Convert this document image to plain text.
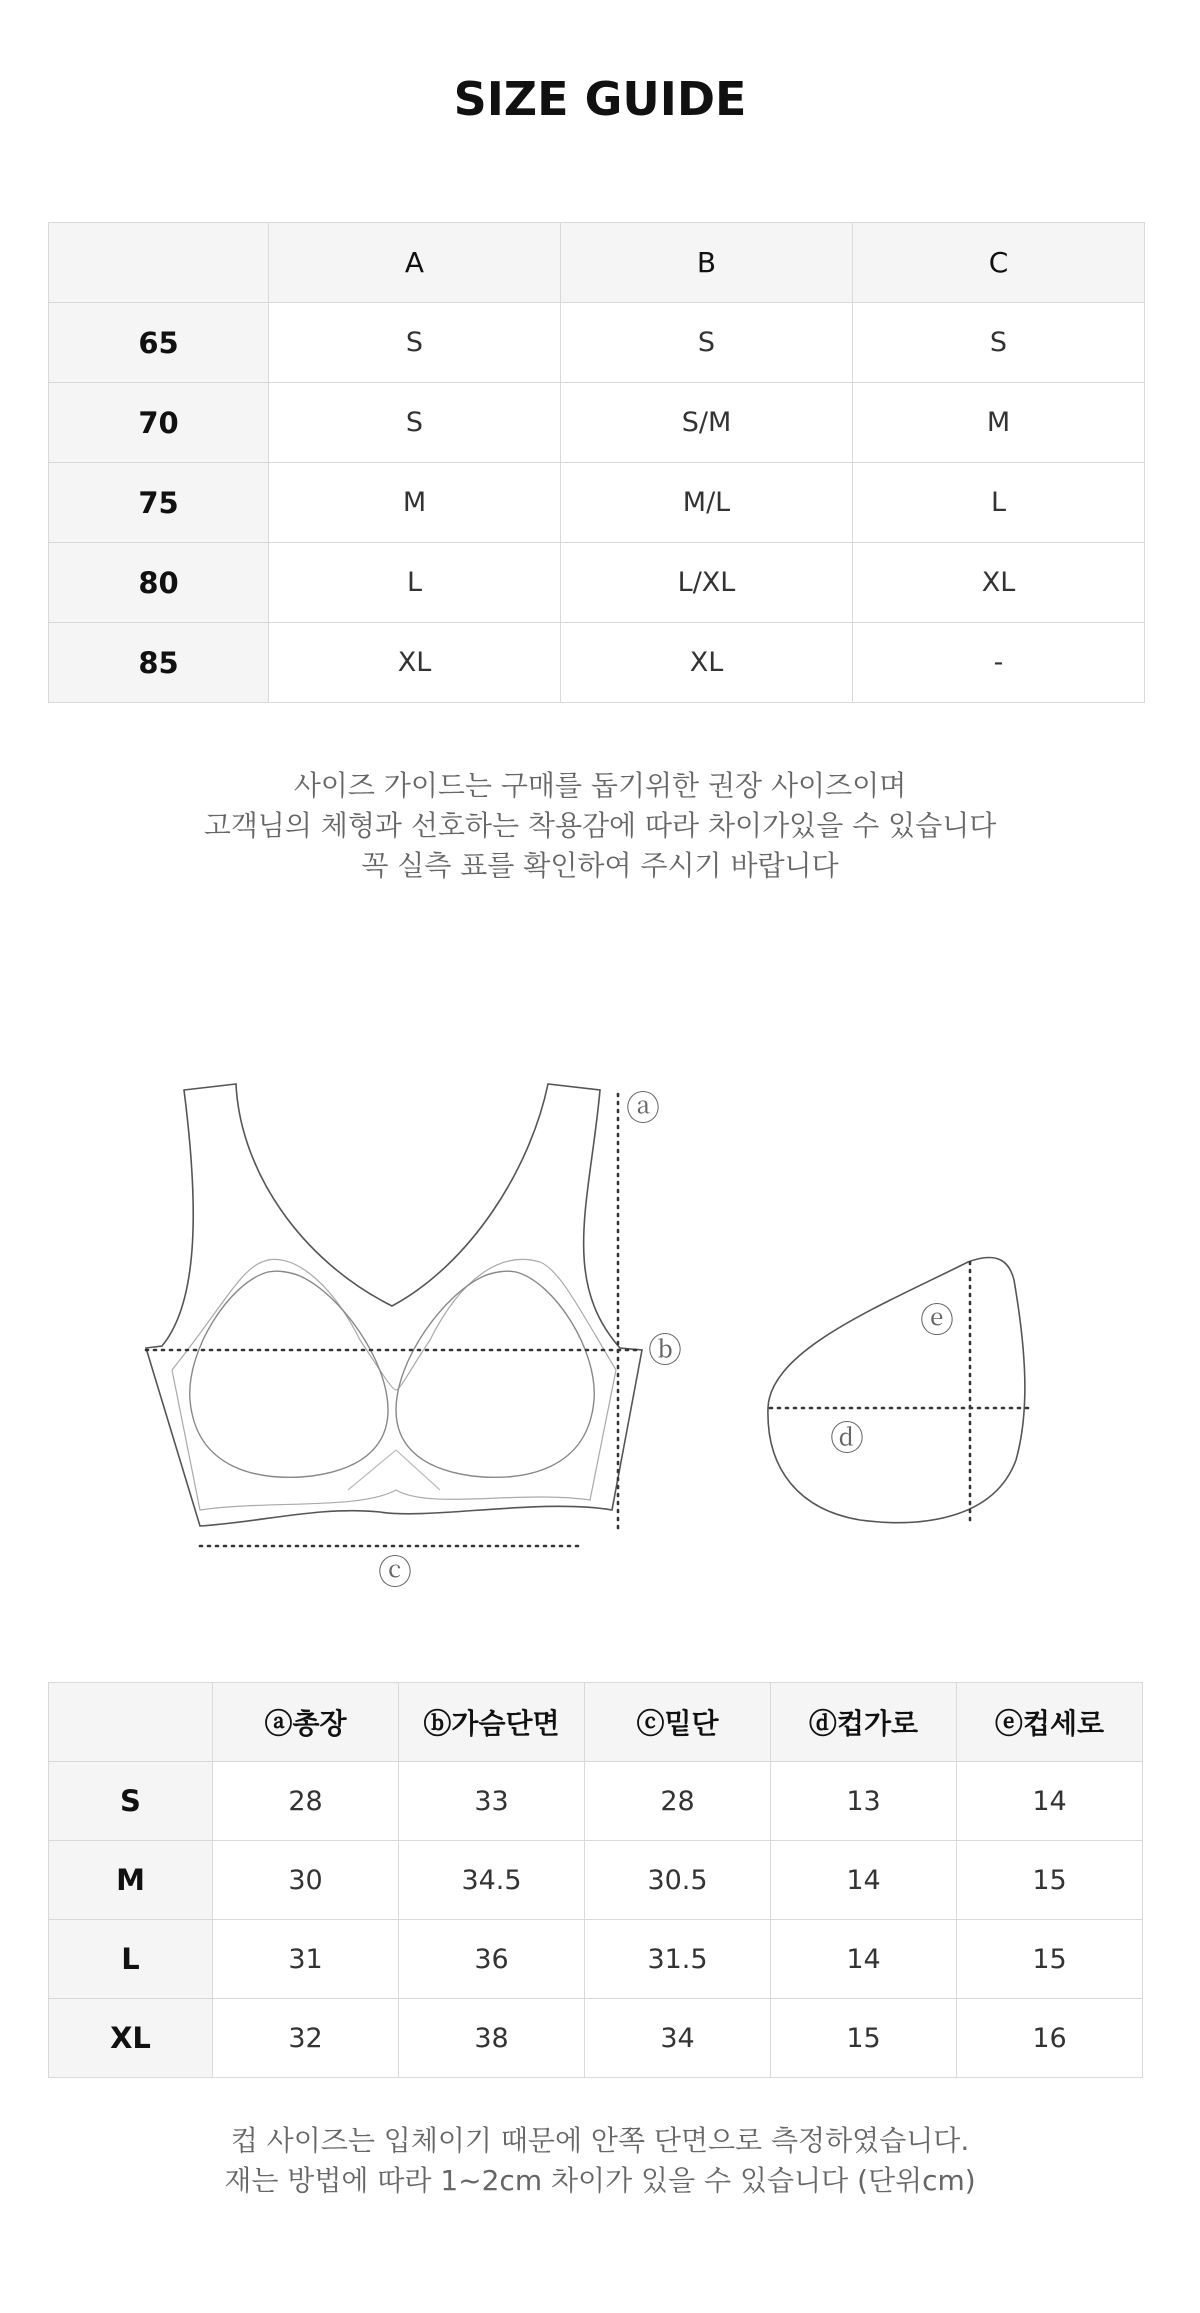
SIZE GUIDE
	A	B	C
65	S	S	S
70	S	S/M	M
75	M	M/L	L
80	L	L/XL	XL
85	XL	XL	-
사이즈 가이드는 구매를 돕기위한 권장 사이즈이며
고객님의 체형과 선호하는 착용감에 따라 차이가있을 수 있습니다
꼭 실측 표를 확인하여 주시기 바랍니다
ⓐ
ⓑ
ⓒ
ⓓ
ⓔ
	ⓐ총장	ⓑ가슴단면	ⓒ밑단	ⓓ컵가로	ⓔ컵세로
S	28	33	28	13	14
M	30	34.5	30.5	14	15
L	31	36	31.5	14	15
XL	32	38	34	15	16
컵 사이즈는 입체이기 때문에 안쪽 단면으로 측정하였습니다.
재는 방법에 따라 1~2cm 차이가 있을 수 있습니다 (단위cm)
